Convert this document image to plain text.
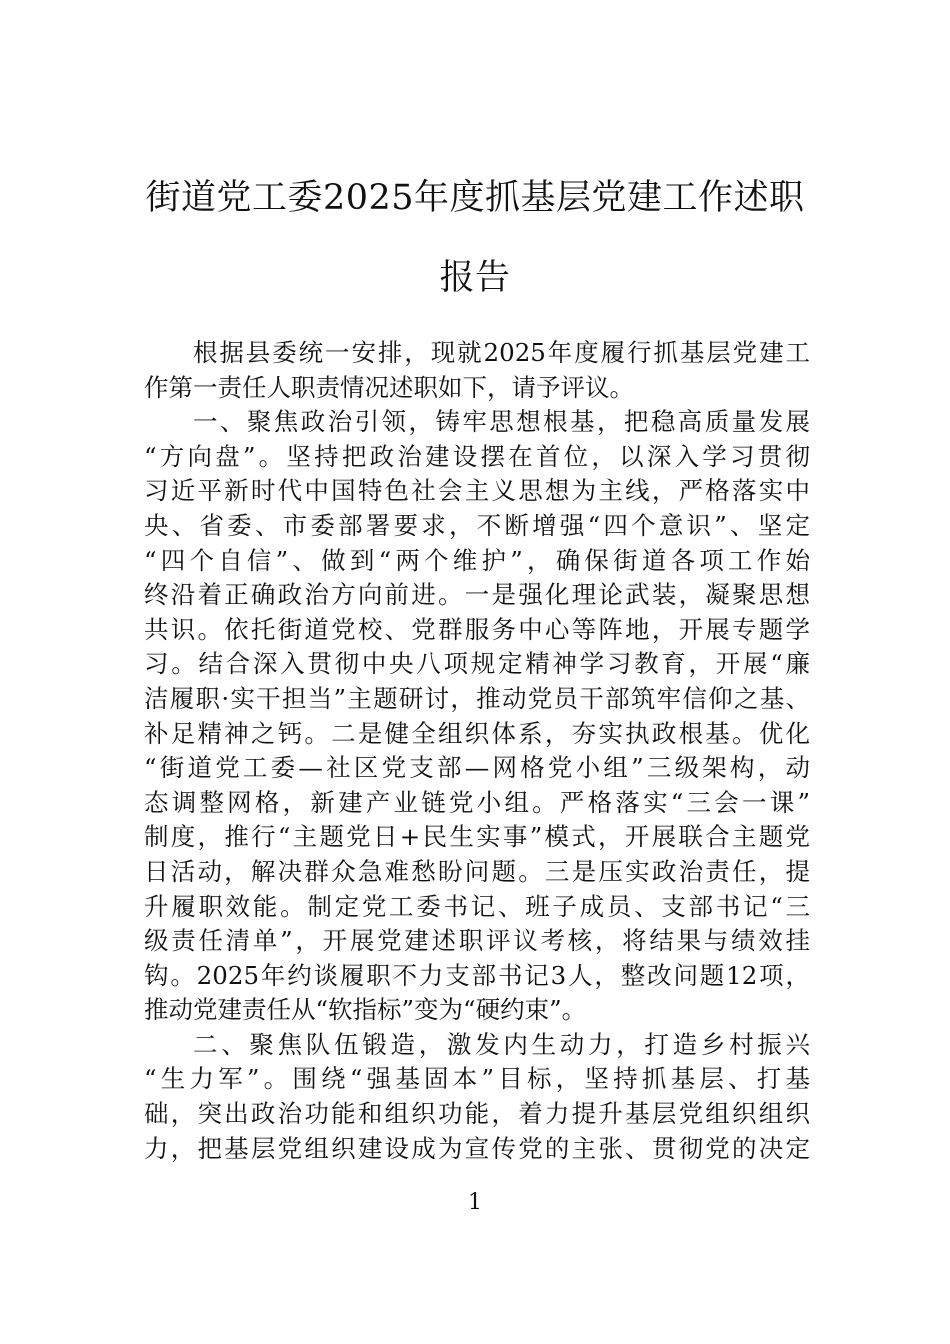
街道党工委2025年度抓基层党建工作述职
报告
根据县委统一安排，现就2025年度履行抓基层党建工
作第一责任人职责情况述职如下，请予评议。
一、聚焦政治引领，铸牢思想根基，把稳高质量发展
“方向盘”。坚持把政治建设摆在首位，以深入学习贯彻
习近平新时代中国特色社会主义思想为主线，严格落实中
央、省委、市委部署要求，不断增强“四个意识”、坚定
“四个自信”、做到“两个维护”，确保街道各项工作始
终沿着正确政治方向前进。一是强化理论武装，凝聚思想
共识。依托街道党校、党群服务中心等阵地，开展专题学
习。结合深入贯彻中央八项规定精神学习教育，开展“廉
洁履职·实干担当”主题研讨，推动党员干部筑牢信仰之基、
补足精神之钙。二是健全组织体系，夯实执政根基。优化
“街道党工委—社区党支部—网格党小组”三级架构，动
态调整网格，新建产业链党小组。严格落实“三会一课”
制度，推行“主题党日+民生实事”模式，开展联合主题党
日活动，解决群众急难愁盼问题。三是压实政治责任，提
升履职效能。制定党工委书记、班子成员、支部书记“三
级责任清单”，开展党建述职评议考核，将结果与绩效挂
钩。2025年约谈履职不力支部书记3人，整改问题12项，
推动党建责任从“软指标”变为“硬约束”。
二、聚焦队伍锻造，激发内生动力，打造乡村振兴
“生力军”。围绕“强基固本”目标，坚持抓基层、打基
础，突出政治功能和组织功能，着力提升基层党组织组织
力，把基层党组织建设成为宣传党的主张、贯彻党的决定
1
